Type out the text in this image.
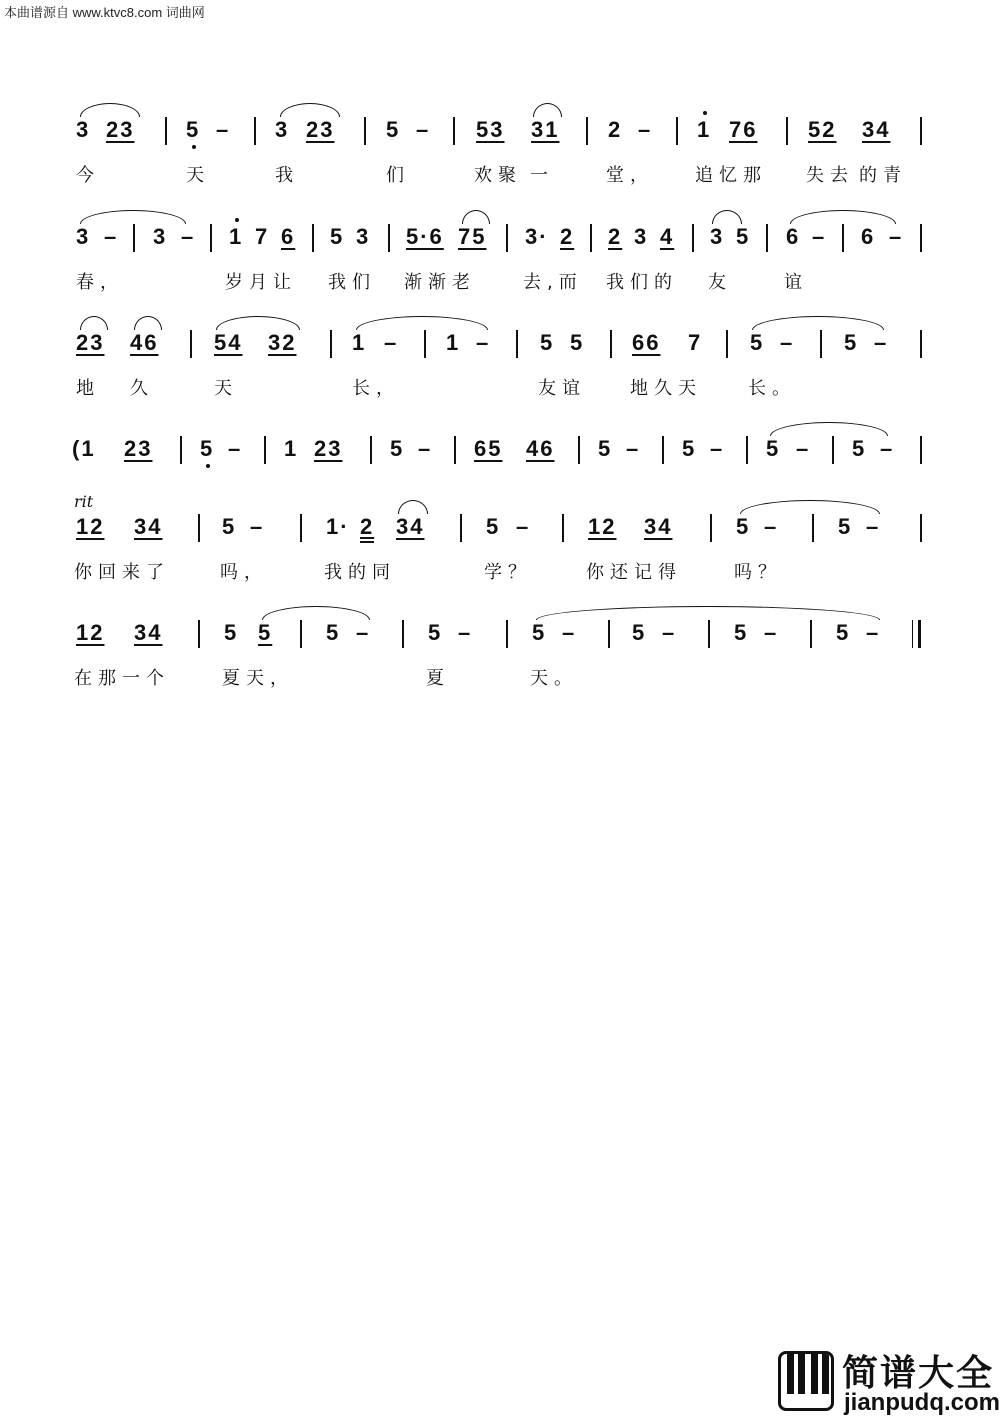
本曲谱源自 www.ktvc8.com 词曲网
3 23 5 – 3 23 5 – 53 31 2 – 1 76 52 34
今	天	我	们	欢聚 一	堂， 追忆那 失去 的青
3 – 3 – 1 7 6 5 3 5·6 75 3· 2 2 3 4 3 5 6 – 6 –
春，	岁月让 我们 渐渐老	去,而 我们的 友	谊
23 46	54 32	1 – 1 – 5 5 66 7 5 – 5 –
地 久	天	长，	友谊 地久天	长。
(1 23 5 – 1 23 5 – 65 46 5 – 5 – 5 – 5 –
12 34	5 –	1· 2 34	5 –	12 34	5 –	5 –
rit
你回来了	吗，	我的同	学？	你还记得	吗？
12 34	5 5 5 –	5 –	5 –	5 –	5 –	5 –
在那一个	夏天，	夏	天。
简谱大全
jianpudq.com
